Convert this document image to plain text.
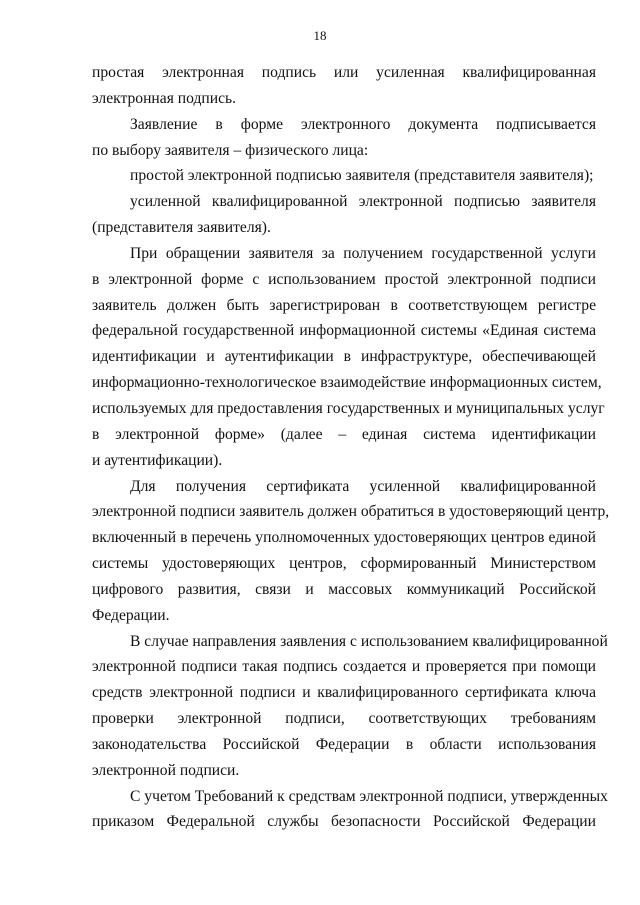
18
простая электронная подпись или усиленная квалифицированная
электронная подпись.
Заявление в форме электронного документа подписывается
по выбору заявителя – физического лица:
простой электронной подписью заявителя (представителя заявителя);
усиленной квалифицированной электронной подписью заявителя
(представителя заявителя).
При обращении заявителя за получением государственной услуги
в электронной форме с использованием простой электронной подписи
заявитель должен быть зарегистрирован в соответствующем регистре
федеральной государственной информационной системы «Единая система
идентификации и аутентификации в инфраструктуре, обеспечивающей
информационно-технологическое взаимодействие информационных систем,
используемых для предоставления государственных и муниципальных услуг
в электронной форме» (далее – единая система идентификации
и аутентификации).
Для получения сертификата усиленной квалифицированной
электронной подписи заявитель должен обратиться в удостоверяющий центр,
включенный в перечень уполномоченных удостоверяющих центров единой
системы удостоверяющих центров, сформированный Министерством
цифрового развития, связи и массовых коммуникаций Российской
Федерации.
В случае направления заявления с использованием квалифицированной
электронной подписи такая подпись создается и проверяется при помощи
средств электронной подписи и квалифицированного сертификата ключа
проверки электронной подписи, соответствующих требованиям
законодательства Российской Федерации в области использования
электронной подписи.
С учетом Требований к средствам электронной подписи, утвержденных
приказом Федеральной службы безопасности Российской Федерации
